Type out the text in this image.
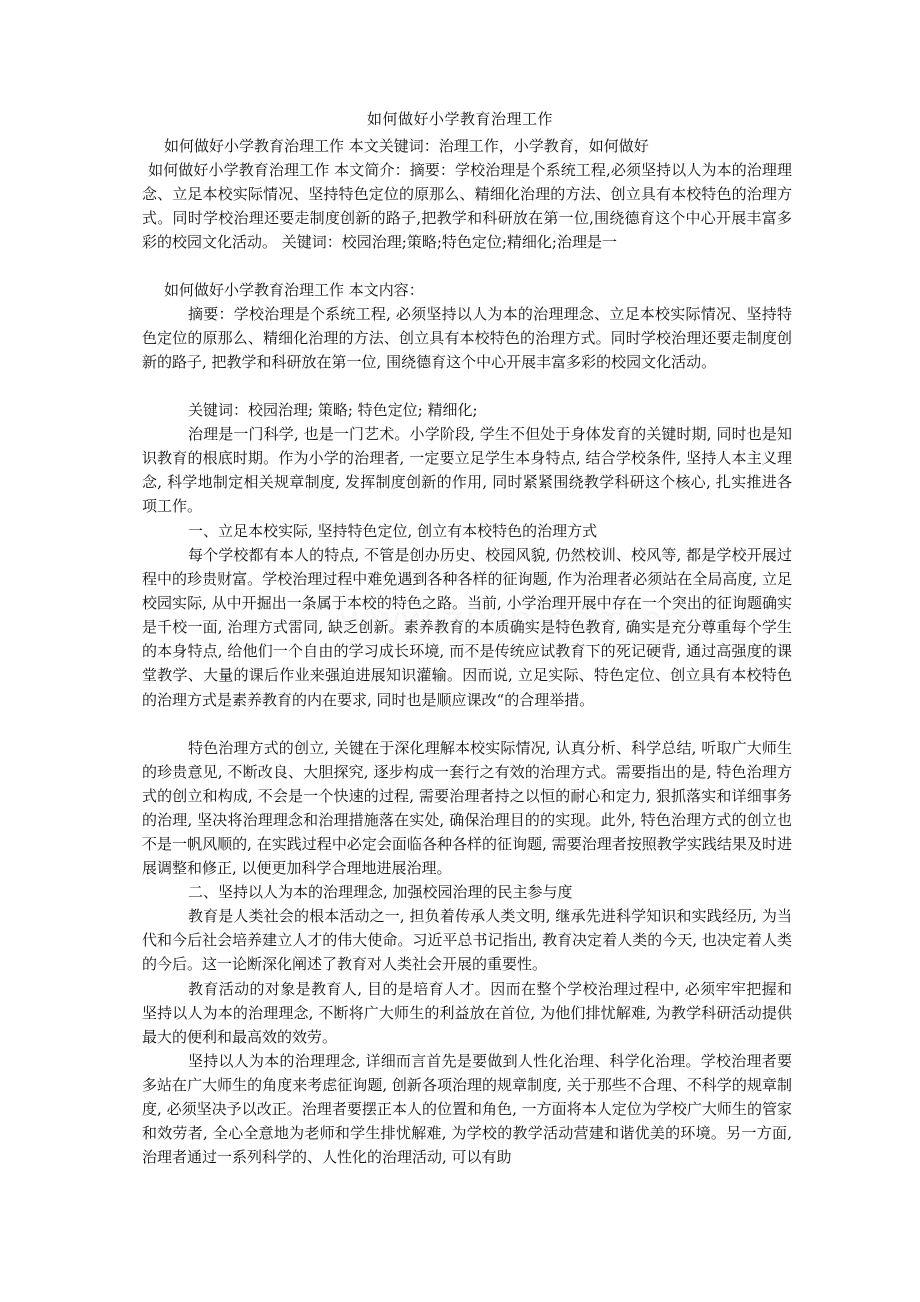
如何做好小学教育治理工作

如何做好小学教育治理工作 本文关键词：治理工作，小学教育，如何做好

如何做好小学教育治理工作 本文简介：摘要：学校治理是个系统工程,必须坚持以人为本的治理理念、立足本校实际情况、坚持特色定位的原那么、精细化治理的方法、创立具有本校特色的治理方式。同时学校治理还要走制度创新的路子,把教学和科研放在第一位,围绕德育这个中心开展丰富多彩的校园文化活动。 关键词：校园治理;策略;特色定位;精细化;治理是一

如何做好小学教育治理工作 本文内容：

摘要：学校治理是个系统工程, 必须坚持以人为本的治理理念、立足本校实际情况、坚持特色定位的原那么、精细化治理的方法、创立具有本校特色的治理方式。同时学校治理还要走制度创新的路子, 把教学和科研放在第一位, 围绕德育这个中心开展丰富多彩的校园文化活动。

关键词：校园治理; 策略; 特色定位; 精细化;

治理是一门科学, 也是一门艺术。小学阶段, 学生不但处于身体发育的关键时期, 同时也是知识教育的根底时期。作为小学的治理者, 一定要立足学生本身特点, 结合学校条件, 坚持人本主义理念, 科学地制定相关规章制度, 发挥制度创新的作用, 同时紧紧围绕教学科研这个核心, 扎实推进各项工作。

一、立足本校实际, 坚持特色定位, 创立有本校特色的治理方式

每个学校都有本人的特点, 不管是创办历史、校园风貌, 仍然校训、校风等, 都是学校开展过程中的珍贵财富。学校治理过程中难免遇到各种各样的征询题, 作为治理者必须站在全局高度, 立足校园实际, 从中开掘出一条属于本校的特色之路。当前, 小学治理开展中存在一个突出的征询题确实是千校一面, 治理方式雷同, 缺乏创新。素养教育的本质确实是特色教育, 确实是充分尊重每个学生的本身特点, 给他们一个自由的学习成长环境, 而不是传统应试教育下的死记硬背, 通过高强度的课堂教学、大量的课后作业来强迫进展知识灌输。因而说, 立足实际、特色定位、创立具有本校特色的治理方式是素养教育的内在要求, 同时也是顺应课改“的合理举措。

特色治理方式的创立, 关键在于深化理解本校实际情况, 认真分析、科学总结, 听取广大师生的珍贵意见, 不断改良、大胆探究, 逐步构成一套行之有效的治理方式。需要指出的是, 特色治理方式的创立和构成, 不会是一个快速的过程, 需要治理者持之以恒的耐心和定力, 狠抓落实和详细事务的治理, 坚决将治理理念和治理措施落在实处, 确保治理目的的实现。此外, 特色治理方式的创立也不是一帆风顺的, 在实践过程中必定会面临各种各样的征询题, 需要治理者按照教学实践结果及时进展调整和修正, 以便更加科学合理地进展治理。

二、坚持以人为本的治理理念, 加强校园治理的民主参与度

教育是人类社会的根本活动之一, 担负着传承人类文明, 继承先进科学知识和实践经历, 为当代和今后社会培养建立人才的伟大使命。习近平总书记指出, 教育决定着人类的今天, 也决定着人类的今后。这一论断深化阐述了教育对人类社会开展的重要性。

教育活动的对象是教育人, 目的是培育人才。因而在整个学校治理过程中, 必须牢牢把握和坚持以人为本的治理理念, 不断将广大师生的利益放在首位, 为他们排忧解难, 为教学科研活动提供最大的便利和最高效的效劳。

坚持以人为本的治理理念, 详细而言首先是要做到人性化治理、科学化治理。学校治理者要多站在广大师生的角度来考虑征询题, 创新各项治理的规章制度, 关于那些不合理、不科学的规章制度, 必须坚决予以改正。治理者要摆正本人的位置和角色, 一方面将本人定位为学校广大师生的管家和效劳者, 全心全意地为老师和学生排忧解难, 为学校的教学活动营建和谐优美的环境。另一方面, 治理者通过一系列科学的、人性化的治理活动, 可以有助
